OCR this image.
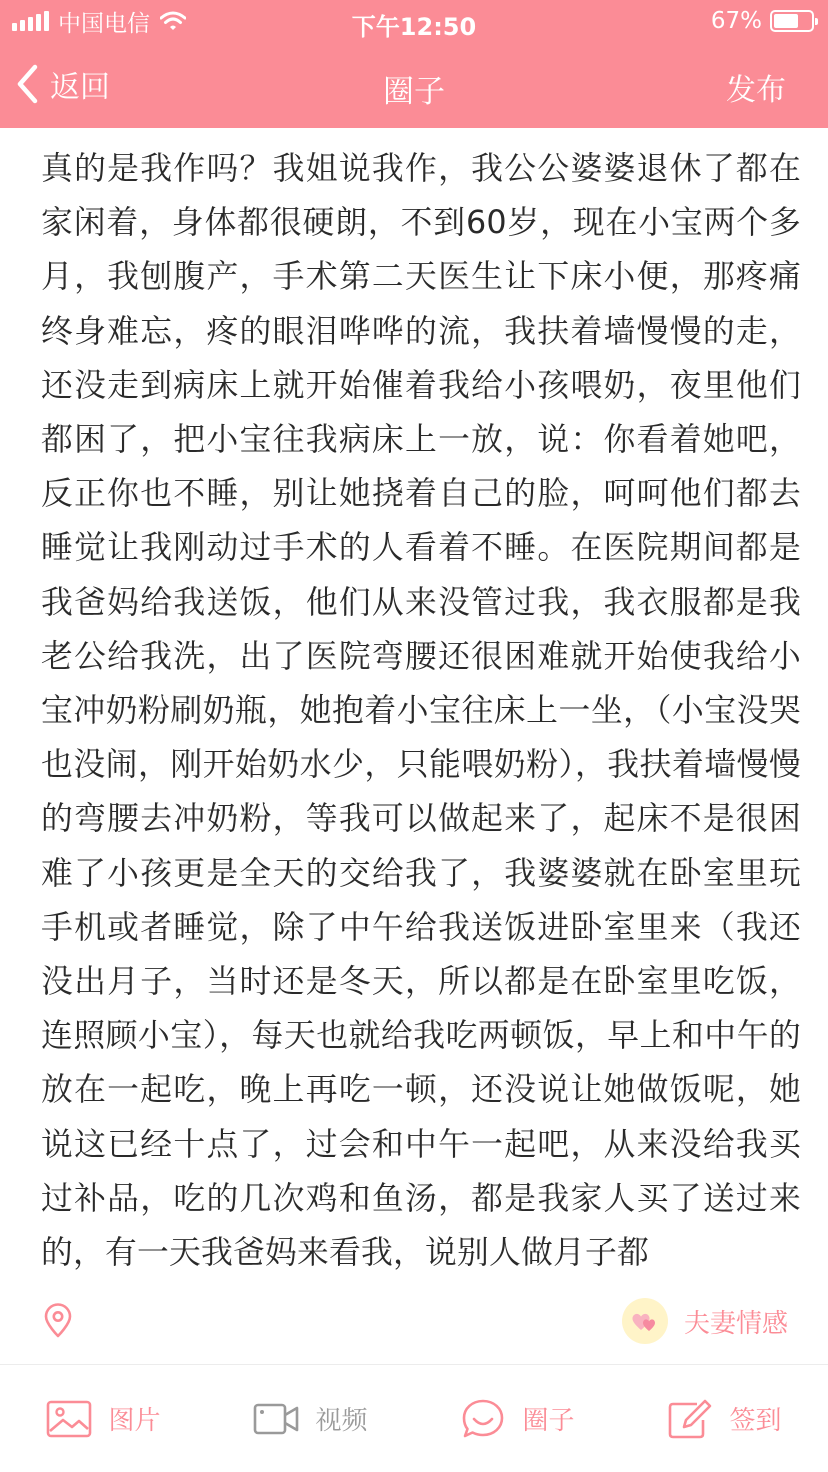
中国电信	下午12:50	67%
返回	圈子	发布
真的是我作吗？我姐说我作，我公公婆婆退休了都在家闲着，身体都很硬朗，不到60岁，现在小宝两个多月，我刨腹产，手术第二天医生让下床小便，那疼痛终身难忘，疼的眼泪哗哗的流，我扶着墙慢慢的走，还没走到病床上就开始催着我给小孩喂奶，夜里他们都困了，把小宝往我病床上一放，说：你看着她吧，反正你也不睡，别让她挠着自己的脸，呵呵他们都去睡觉让我刚动过手术的人看着不睡。在医院期间都是我爸妈给我送饭，他们从来没管过我，我衣服都是我老公给我洗，出了医院弯腰还很困难就开始使我给小宝冲奶粉刷奶瓶，她抱着小宝往床上一坐，（小宝没哭也没闹，刚开始奶水少，只能喂奶粉），我扶着墙慢慢的弯腰去冲奶粉，等我可以做起来了，起床不是很困难了小孩更是全天的交给我了，我婆婆就在卧室里玩手机或者睡觉，除了中午给我送饭进卧室里来（我还没出月子，当时还是冬天，所以都是在卧室里吃饭，连照顾小宝），每天也就给我吃两顿饭，早上和中午的放在一起吃，晚上再吃一顿，还没说让她做饭呢，她说这已经十点了，过会和中午一起吧，从来没给我买过补品，吃的几次鸡和鱼汤，都是我家人买了送过来的，有一天我爸妈来看我，说别人做月子都
夫妻情感
图片	视频	圈子	签到
